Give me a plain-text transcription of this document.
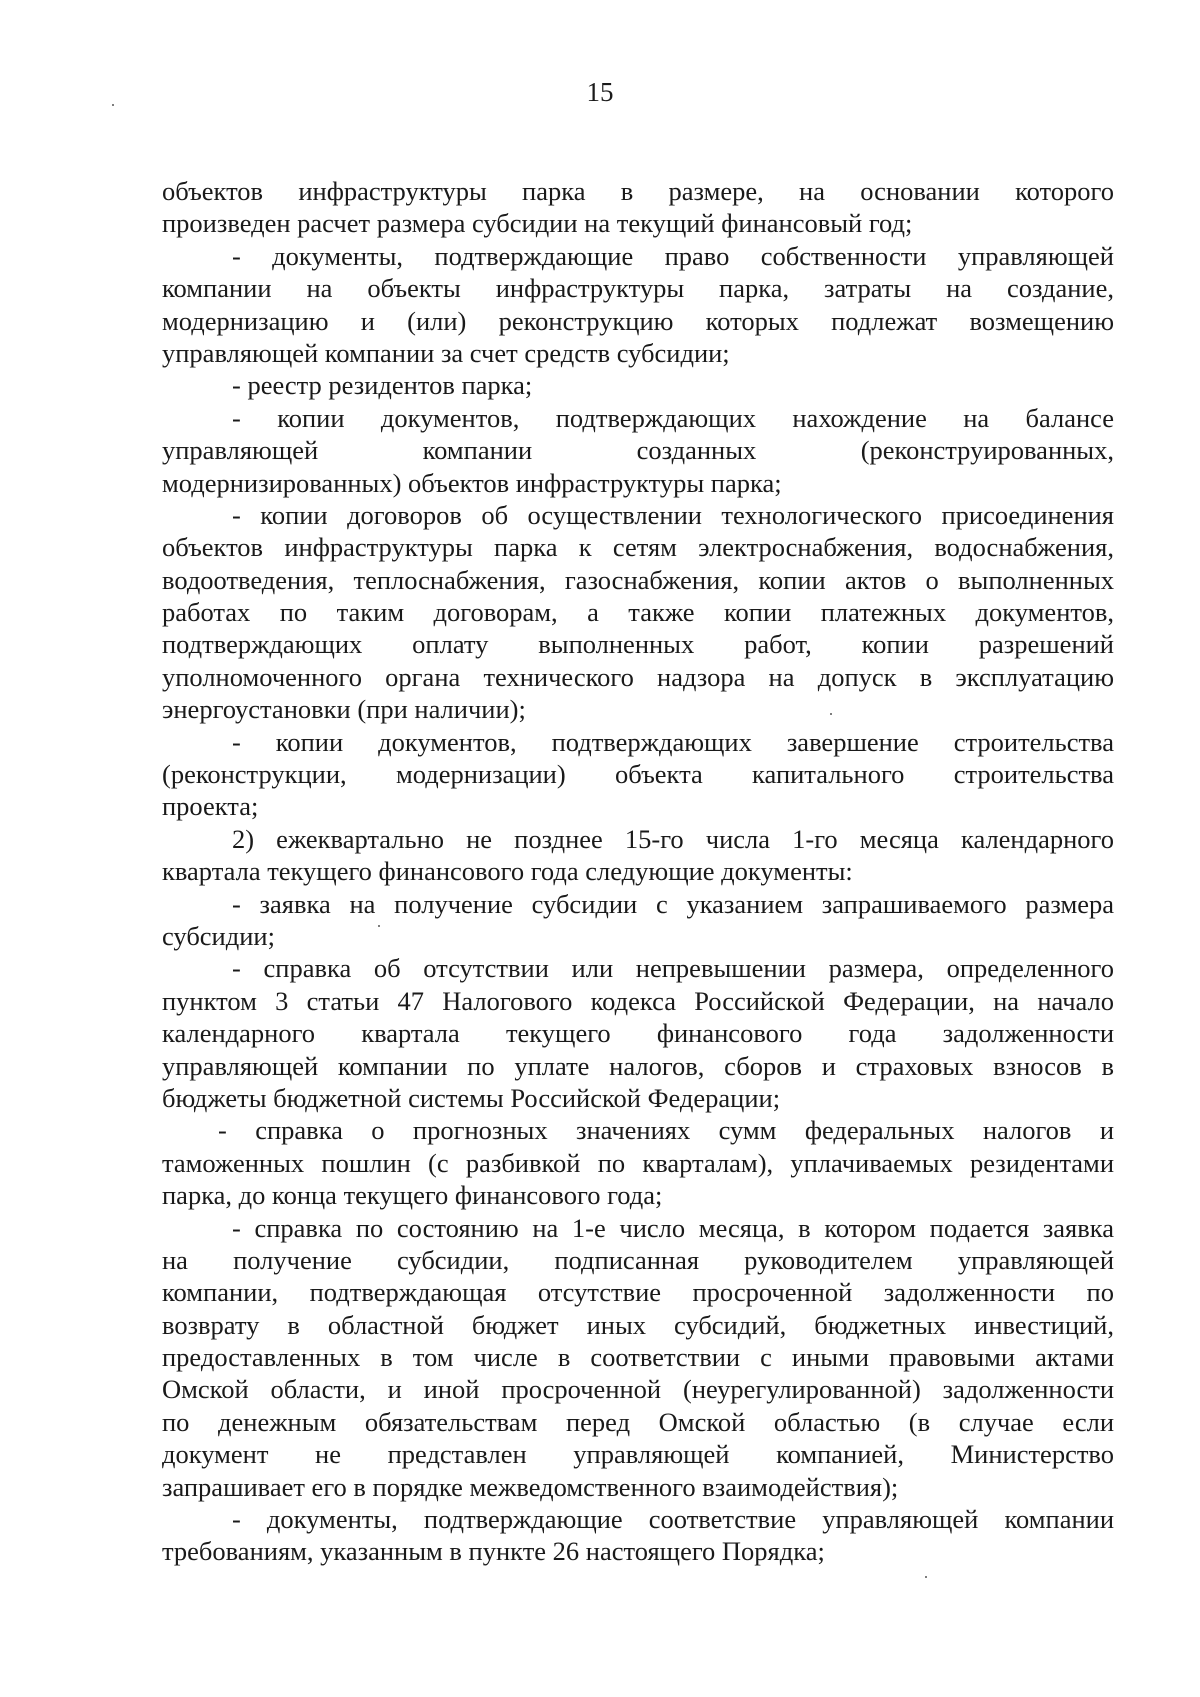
15
объектов инфраструктуры парка в размере, на основании которого
произведен расчет размера субсидии на текущий финансовый год;
- документы, подтверждающие право собственности управляющей
компании на объекты инфраструктуры парка, затраты на создание,
модернизацию и (или) реконструкцию которых подлежат возмещению
управляющей компании за счет средств субсидии;
- реестр резидентов парка;
- копии документов, подтверждающих нахождение на балансе
управляющей компании созданных (реконструированных,
модернизированных) объектов инфраструктуры парка;
- копии договоров об осуществлении технологического присоединения
объектов инфраструктуры парка к сетям электроснабжения, водоснабжения,
водоотведения, теплоснабжения, газоснабжения, копии актов о выполненных
работах по таким договорам, а также копии платежных документов,
подтверждающих оплату выполненных работ, копии разрешений
уполномоченного органа технического надзора на допуск в эксплуатацию
энергоустановки (при наличии);
- копии документов, подтверждающих завершение строительства
(реконструкции, модернизации) объекта капитального строительства
проекта;
2) ежеквартально не позднее 15-го числа 1-го месяца календарного
квартала текущего финансового года следующие документы:
- заявка на получение субсидии с указанием запрашиваемого размера
субсидии;
- справка об отсутствии или непревышении размера, определенного
пунктом 3 статьи 47 Налогового кодекса Российской Федерации, на начало
календарного квартала текущего финансового года задолженности
управляющей компании по уплате налогов, сборов и страховых взносов в
бюджеты бюджетной системы Российской Федерации;
- справка о прогнозных значениях сумм федеральных налогов и
таможенных пошлин (с разбивкой по кварталам), уплачиваемых резидентами
парка, до конца текущего финансового года;
- справка по состоянию на 1-е число месяца, в котором подается заявка
на получение субсидии, подписанная руководителем управляющей
компании, подтверждающая отсутствие просроченной задолженности по
возврату в областной бюджет иных субсидий, бюджетных инвестиций,
предоставленных в том числе в соответствии с иными правовыми актами
Омской области, и иной просроченной (неурегулированной) задолженности
по денежным обязательствам перед Омской областью (в случае если
документ не представлен управляющей компанией, Министерство
запрашивает его в порядке межведомственного взаимодействия);
- документы, подтверждающие соответствие управляющей компании
требованиям, указанным в пункте 26 настоящего Порядка;
